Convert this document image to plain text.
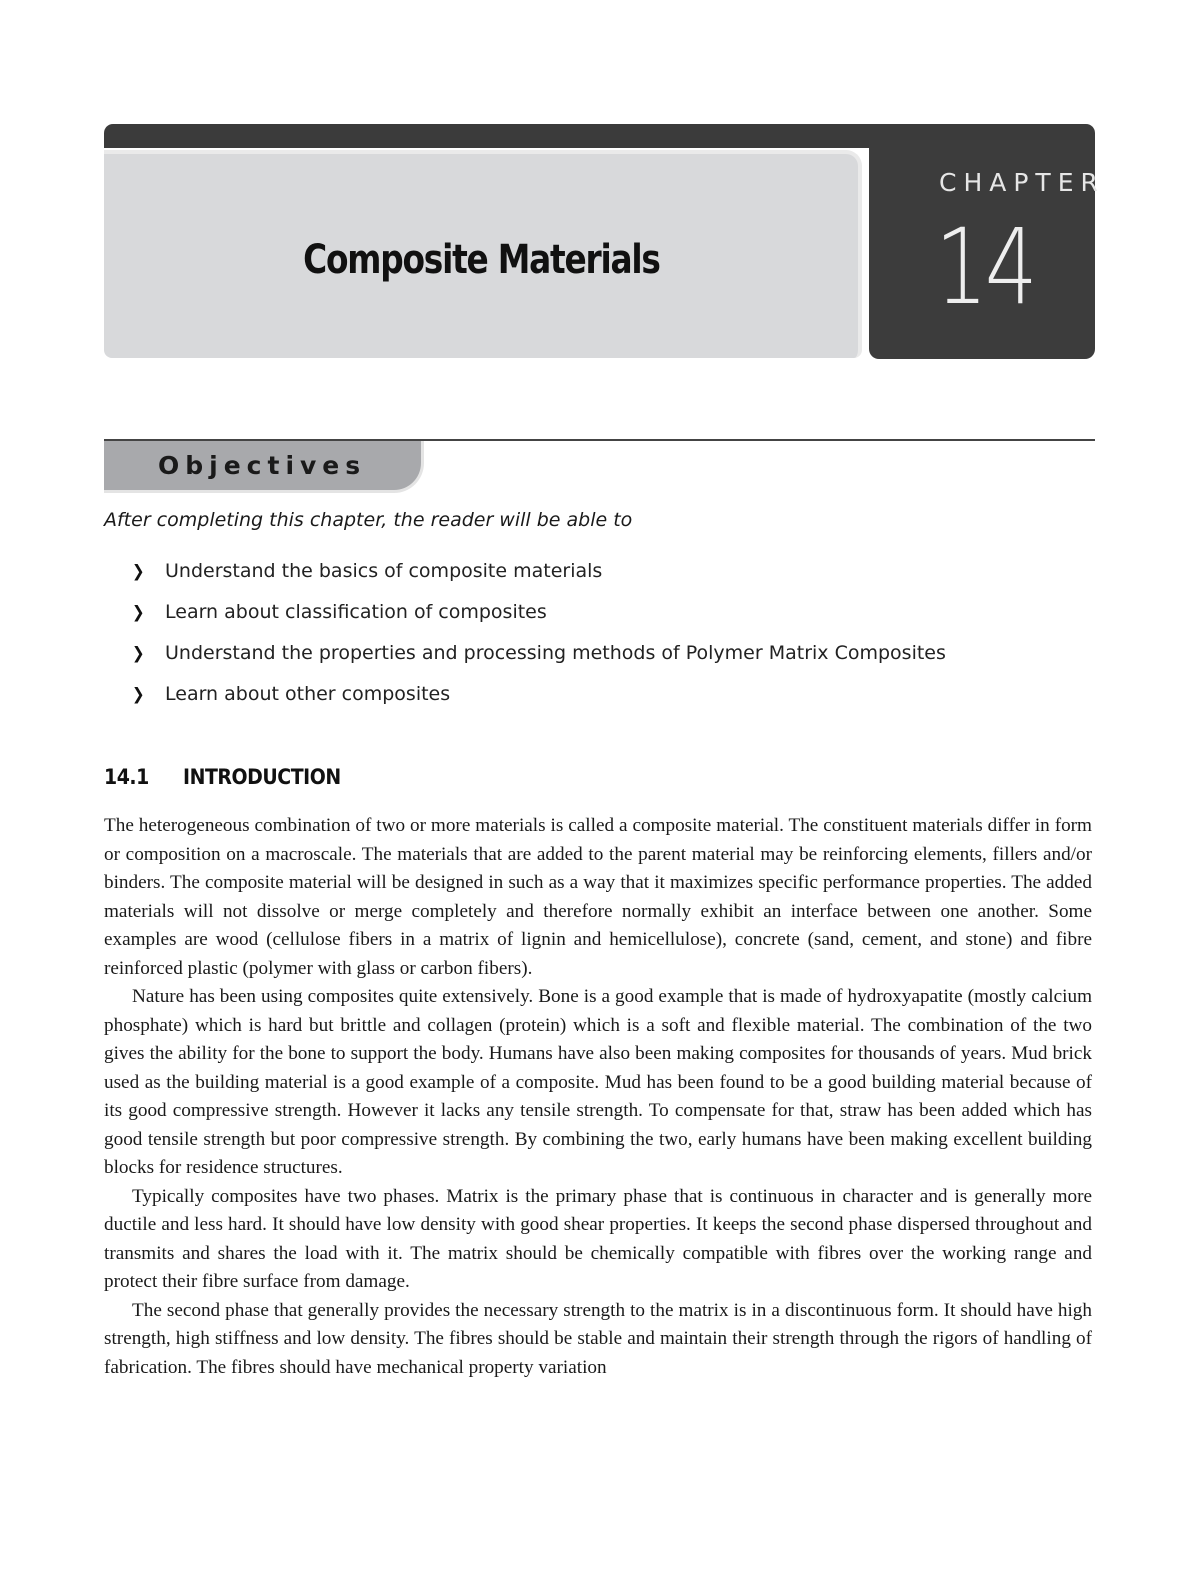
Composite Materials
CHAPTER
14
Objectives
After completing this chapter, the reader will be able to
❯ Understand the basics of composite materials
❯ Learn about classification of composites
❯ Understand the properties and processing methods of Polymer Matrix Composites
❯ Learn about other composites
14.1 INTRODUCTION

The heterogeneous combination of two or more materials is called a composite material. The constituent materials differ in form or composition on a macroscale. The materials that are added to the parent material may be reinforcing elements, fillers and/or binders. The composite material will be designed in such as a way that it maximizes specific performance properties. The added materials will not dissolve or merge completely and therefore normally exhibit an interface between one another. Some examples are wood (cellulose fibers in a matrix of lignin and hemicellulose), concrete (sand, cement, and stone) and fibre reinforced plastic (polymer with glass or carbon fibers).

Nature has been using composites quite extensively. Bone is a good example that is made of hydroxyapatite (mostly calcium phosphate) which is hard but brittle and collagen (protein) which is a soft and flexible material. The combination of the two gives the ability for the bone to support the body. Humans have also been making composites for thousands of years. Mud brick used as the building material is a good example of a composite. Mud has been found to be a good building material because of its good compressive strength. However it lacks any tensile strength. To compensate for that, straw has been added which has good tensile strength but poor compressive strength. By combining the two, early humans have been making excellent building blocks for residence structures.

Typically composites have two phases. Matrix is the primary phase that is continuous in character and is generally more ductile and less hard. It should have low density with good shear properties. It keeps the second phase dispersed throughout and transmits and shares the load with it. The matrix should be chemically compatible with fibres over the working range and protect their fibre surface from damage.

The second phase that generally provides the necessary strength to the matrix is in a discontinuous form. It should have high strength, high stiffness and low density. The fibres should be stable and maintain their strength through the rigors of handling of fabrication. The fibres should have mechanical property variation
